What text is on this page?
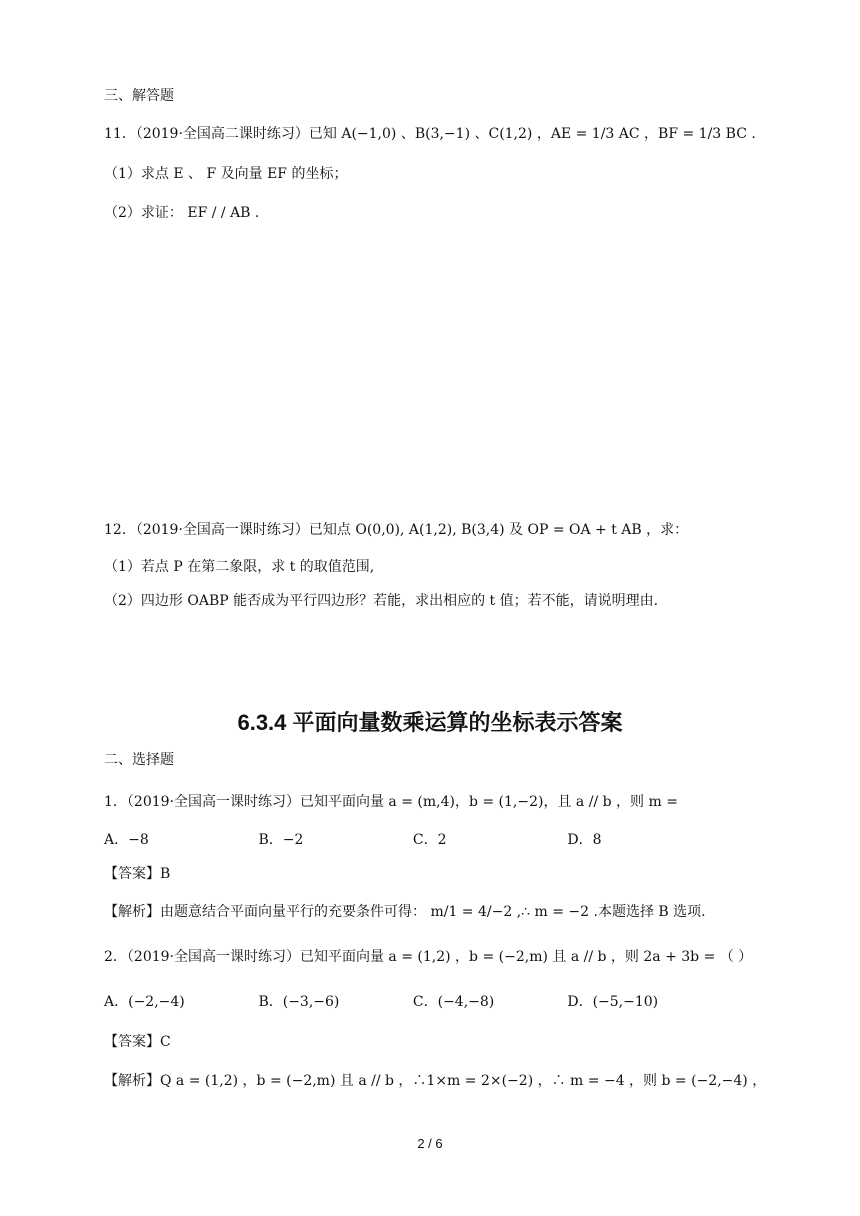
三、解答题
11．（2019·全国高二课时练习）已知 A(−1,0) 、B(3,−1) 、C(1,2) ，AE = 1/3 AC ，BF = 1/3 BC .
（1）求点 E 、 F 及向量 EF 的坐标；
（2）求证： EF / / AB .
12．（2019·全国高一课时练习）已知点 O(0,0), A(1,2), B(3,4) 及 OP = OA + t AB ，求：
（1）若点 P 在第二象限，求 t 的取值范围,
（2）四边形 OABP 能否成为平行四边形？若能，求出相应的 t 值；若不能，请说明理由.
6.3.4 平面向量数乘运算的坐标表示答案
二、选择题
1．（2019·全国高一课时练习）已知平面向量 a = (m,4)，b = (1,−2)，且 a // b ，则 m =
A．−8	B．−2	C．2	D．8
【答案】B
【解析】由题意结合平面向量平行的充要条件可得： m/1 = 4/−2 ,∴ m = −2 .本题选择 B 选项.
2．（2019·全国高一课时练习）已知平面向量 a = (1,2) ，b = (−2,m) 且 a // b ，则 2a + 3b = （ ）
A．(−2,−4)	B．(−3,−6)	C．(−4,−8)	D．(−5,−10)
【答案】C
【解析】Q a = (1,2) ，b = (−2,m) 且 a // b ，∴1×m = 2×(−2) ，∴ m = −4 ，则 b = (−2,−4) ，
2 / 6
